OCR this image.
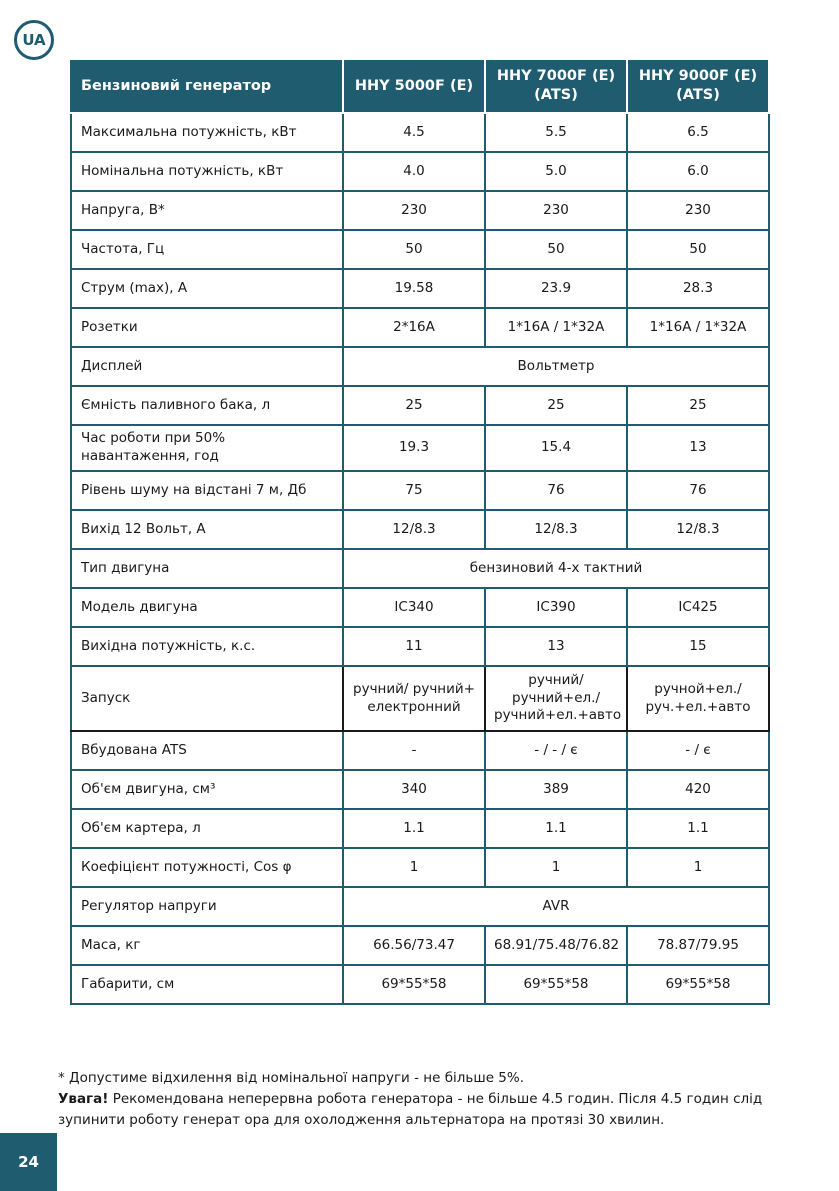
UA
Бензиновий генератор	HHY 5000F (E)	HHY 7000F (E) (ATS)	HHY 9000F (E) (ATS)
Максимальна потужність, кВт	4.5	5.5	6.5
Номінальна потужність, кВт	4.0	5.0	6.0
Напруга, В*	230	230	230
Частота, Гц	50	50	50
Струм (max), А	19.58	23.9	28.3
Розетки	2*16A	1*16A / 1*32A	1*16A / 1*32A
Дисплей	Вольтметр		
Ємність паливного бака, л	25	25	25
Час роботи при 50% навантаження, год	19.3	15.4	13
Рівень шуму на відстані 7 м, Дб	75	76	76
Вихід 12 Вольт, А	12/8.3	12/8.3	12/8.3
Тип двигуна	бензиновий 4-х тактний		
Модель двигуна	IC340	IC390	IC425
Вихідна потужність, к.с.	11	13	15
Запуск	ручний/ ручний+ електронний	ручний/ ручний+ел./ ручний+ел.+авто	ручной+ел./ руч.+ел.+авто
Вбудована ATS	-	- / - / є	- / є
Об'єм двигуна, см³	340	389	420
Об'єм картера, л	1.1	1.1	1.1
Коефіцієнт потужності, Cos φ	1	1	1
Регулятор напруги	AVR		
Маса, кг	66.56/73.47	68.91/75.48/76.82	78.87/79.95
Габарити, см	69*55*58	69*55*58	69*55*58
* Допустиме відхилення від номінальної напруги - не більше 5%.
Увага! Рекомендована неперервна робота генератора - не більше 4.5 годин. Після 4.5 годин слід зупинити роботу генерат ора для охолодження альтернатора на протязі 30 хвилин.
24
